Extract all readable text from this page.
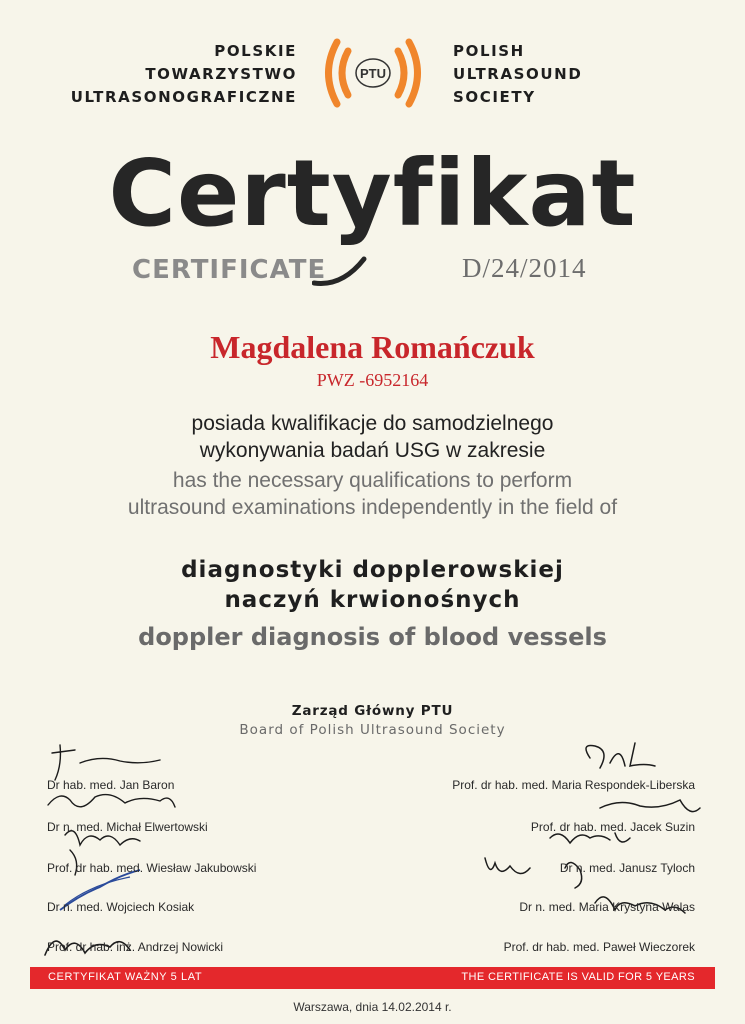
POLSKIE
TOWARZYSTWO
ULTRASONOGRAFICZNE
PTU
POLISH
ULTRASOUND
SOCIETY
Certyfikat
CERTIFICATE	D/24/2014
Magdalena Romańczuk
PWZ -6952164
posiada kwalifikacje do samodzielnego
wykonywania badań USG w zakresie
has the necessary qualifications to perform
ultrasound examinations independently in the field of
diagnostyki dopplerowskiej
naczyń krwionośnych
doppler diagnosis of blood vessels
Zarząd Główny PTU
Board of Polish Ultrasound Society
Dr hab. med. Jan Baron
Dr n. med. Michał Elwertowski
Prof. dr hab. med. Wiesław Jakubowski
Dr n. med. Wojciech Kosiak
Prof. dr hab. inż. Andrzej Nowicki
Prof. dr hab. med. Maria Respondek-Liberska
Prof. dr hab. med. Jacek Suzin
Dr n. med. Janusz Tyloch
Dr n. med. Maria Krystyna Walas
Prof. dr hab. med. Paweł Wieczorek
CERTYFIKAT WAŻNY 5 LAT	THE CERTIFICATE IS VALID FOR 5 YEARS
Warszawa, dnia 14.02.2014 r.
